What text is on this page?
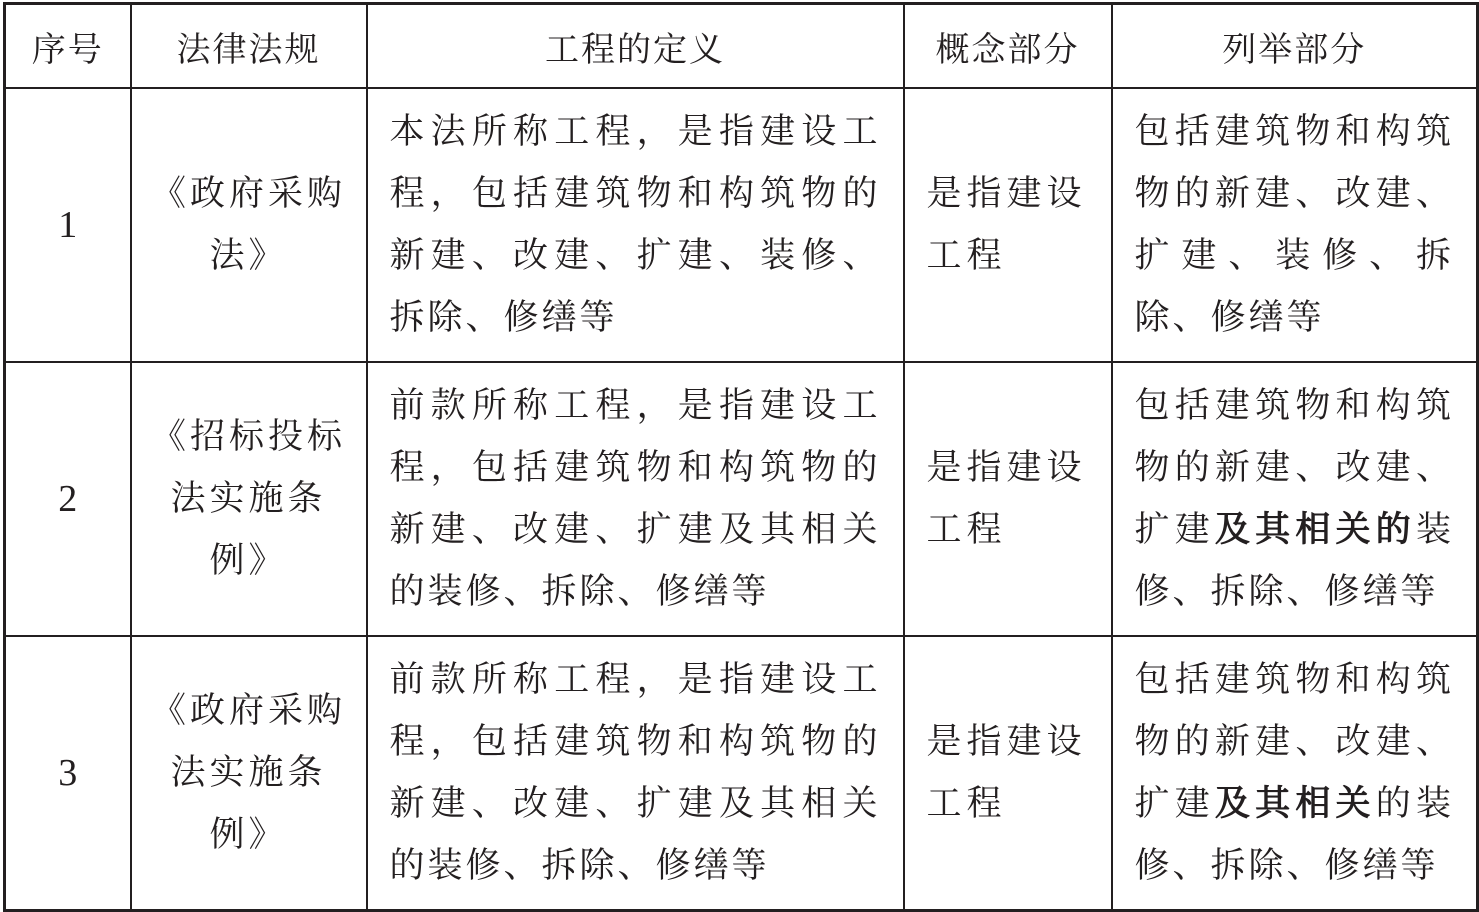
序号	法律法规	工程的定义	概念部分	列举部分
1	《政府采购法》	本法所称工程，是指建设工程，包括建筑物和构筑物的新建、改建、扩建、装修、拆除、修缮等	是指建设工程	包括建筑物和构筑物的新建、改建、扩建、装修、拆除、修缮等
2	《招标投标法实施条例》	前款所称工程，是指建设工程，包括建筑物和构筑物的新建、改建、扩建及其相关的装修、拆除、修缮等	是指建设工程	包括建筑物和构筑物的新建、改建、扩建及其相关的装修、拆除、修缮等
3	《政府采购法实施条例》	前款所称工程，是指建设工程，包括建筑物和构筑物的新建、改建、扩建及其相关的装修、拆除、修缮等	是指建设工程	包括建筑物和构筑物的新建、改建、扩建及其相关的装修、拆除、修缮等
